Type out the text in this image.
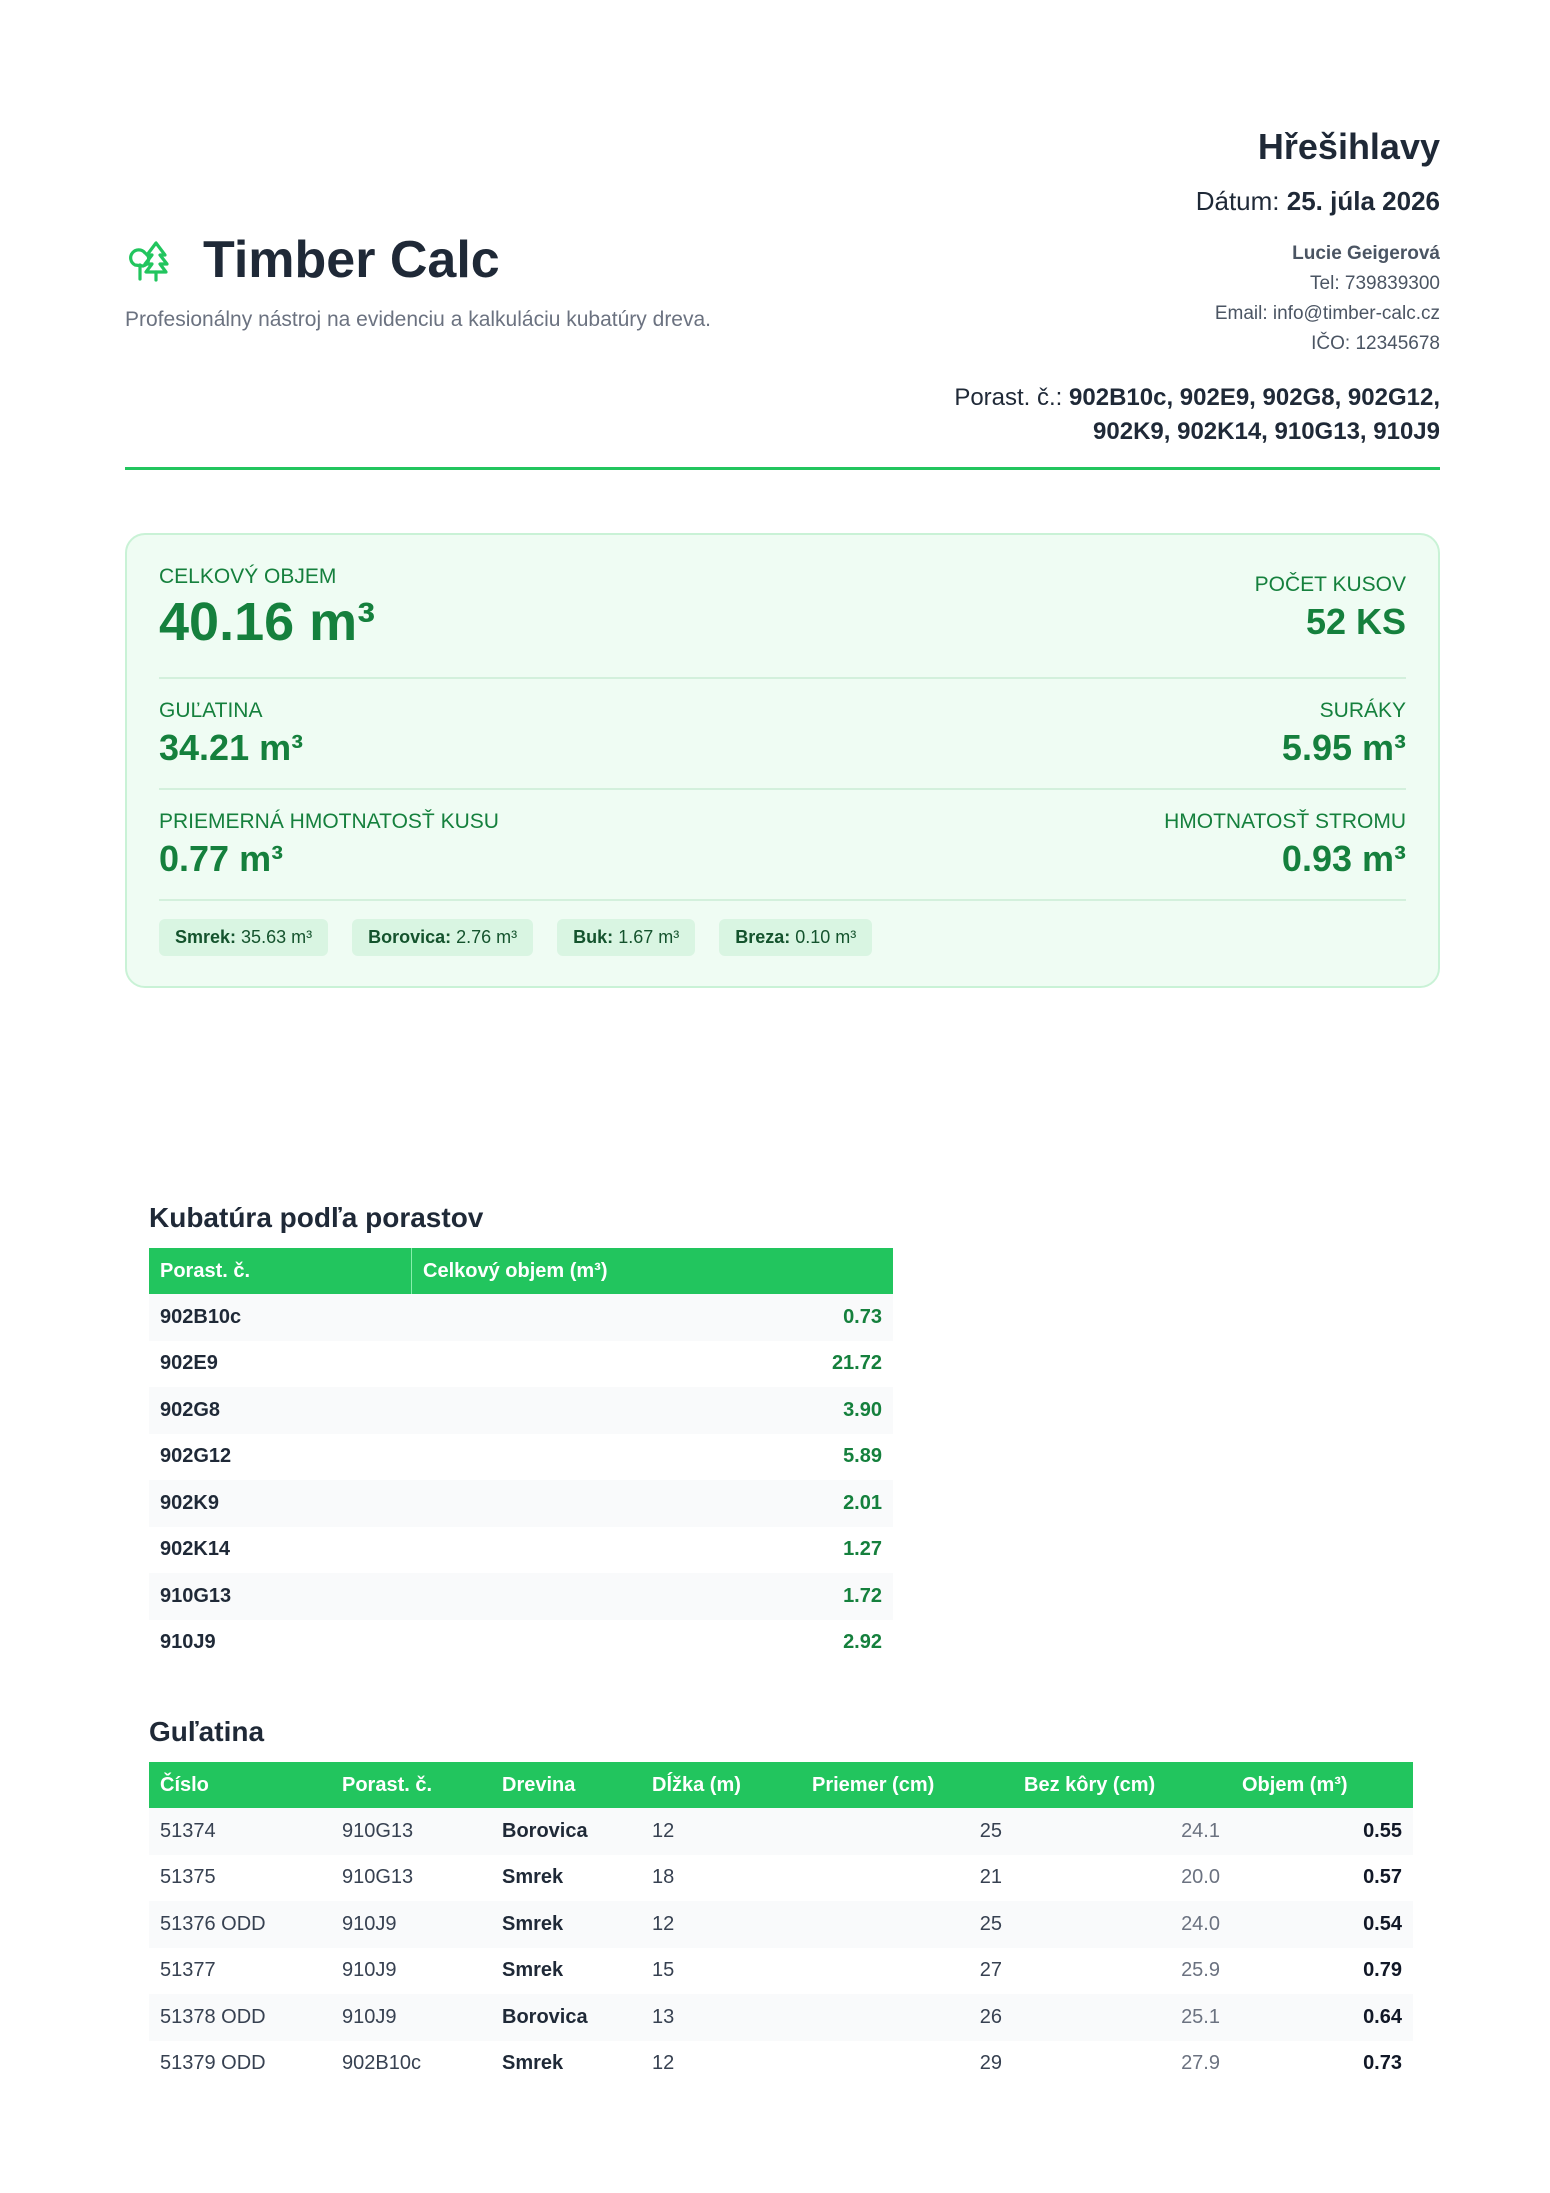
Timber Calc
Profesionálny nástroj na evidenciu a kalkuláciu kubatúry dreva.
Hřešihlavy
Dátum: 25. júla 2026
Lucie Geigerová
Tel: 739839300
Email: info@timber-calc.cz
IČO: 12345678
Porast. č.: 902B10c, 902E9, 902G8, 902G12,
902K9, 902K14, 910G13, 910J9
CELKOVÝ OBJEM
40.16 m³
POČET KUSOV
52 KS
GUĽATINA
34.21 m³
SURÁKY
5.95 m³
PRIEMERNÁ HMOTNATOSŤ KUSU
0.77 m³
HMOTNATOSŤ STROMU
0.93 m³
Smrek: 35.63 m³	Borovica: 2.76 m³	Buk: 1.67 m³	Breza: 0.10 m³
Kubatúra podľa porastov
Porast. č.	Celkový objem (m³)
902B10c	0.73
902E9	21.72
902G8	3.90
902G12	5.89
902K9	2.01
902K14	1.27
910G13	1.72
910J9	2.92
Guľatina
Číslo	Porast. č.	Drevina	Dĺžka (m)	Priemer (cm)	Bez kôry (cm)	Objem (m³)
51374	910G13	Borovica	12	25	24.1	0.55
51375	910G13	Smrek	18	21	20.0	0.57
51376 ODD	910J9	Smrek	12	25	24.0	0.54
51377	910J9	Smrek	15	27	25.9	0.79
51378 ODD	910J9	Borovica	13	26	25.1	0.64
51379 ODD	902B10c	Smrek	12	29	27.9	0.73
